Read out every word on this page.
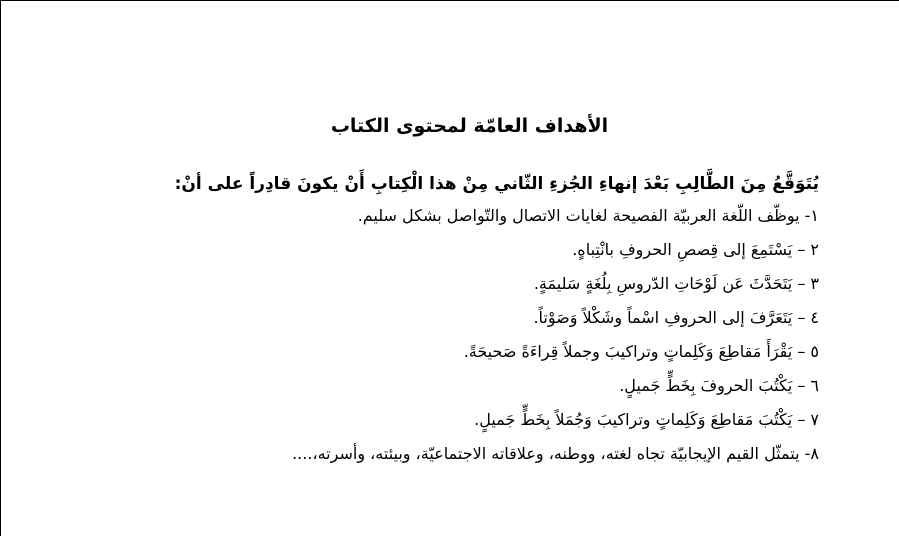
الأهداف العامّة لمحتوى الكتاب
يُتَوَقَّعُ مِنَ الطَّالِبِ بَعْدَ إنهاءِ الجُزءِ الثّاني مِنْ هذا الْكِتابِ أَنْ يكونَ قادِراً على أنْ:
١- يوظّف اللّغة العربيّة الفصيحة لغايات الاتصال والتّواصل بشكل سليم.
٢ – يَسْتَمِعَ إلى قِصصِ الحروفِ بانْتِباهٍ.
٣ – يَتَحَدَّثَ عَن لَوْحَاتِ الدّروسِ بِلُغَةٍ سَليمَةٍ.
٤ – يَتَعَرَّفَ إلى الحروفِ اسْماً وشَكْلاً وَصَوْتاً.
٥ – يَقْرَأَ مَقاطِعَ وَكَلِماتٍ وتراكيبَ وجملاً قِراءَةً صَحيحَةً.
٦ – يَكْتُبَ الحروفَ بِخَطٍّ جَميلٍ.
٧ – يَكْتُبَ مَقاطِعَ وَكَلِماتٍ وتراكيبَ وَجُمَلاً بِخَطٍّ جَميلٍ.
٨- يتمثّل القيم الإيجابيّة تجاه لغته، ووطنه، وعلاقاته الاجتماعيّة، وبيئته، وأسرته،....
